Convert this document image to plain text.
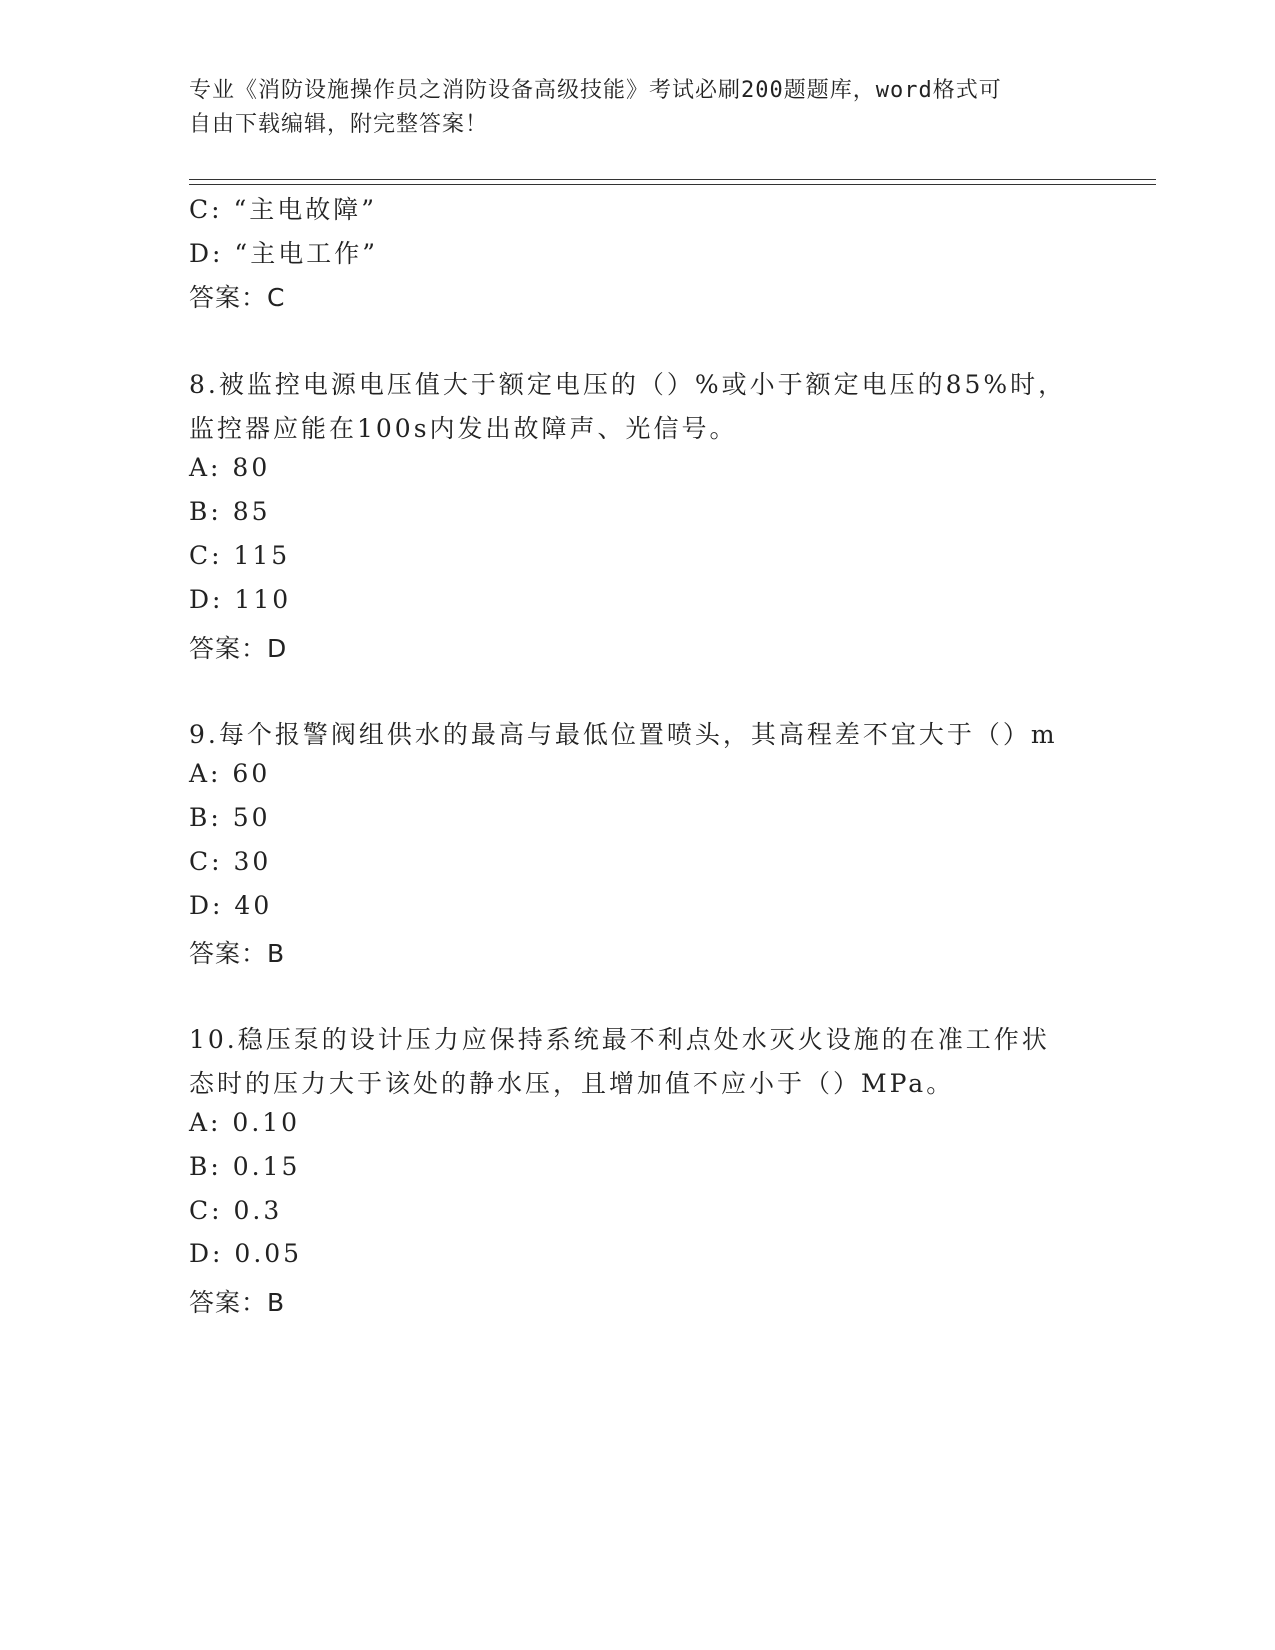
专业《消防设施操作员之消防设备高级技能》考试必刷200题题库，word格式可
自由下载编辑，附完整答案！
C: “主电故障”
D: “主电工作”
答案：C
8.被监控电源电压值大于额定电压的（）%或小于额定电压的85%时，
监控器应能在100s内发出故障声、光信号。
A: 80
B: 85
C: 115
D: 110
答案：D
9.每个报警阀组供水的最高与最低位置喷头，其高程差不宜大于（）m
A: 60
B: 50
C: 30
D: 40
答案：B
10.稳压泵的设计压力应保持系统最不利点处水灭火设施的在准工作状
态时的压力大于该处的静水压，且增加值不应小于（）MPa。
A: 0.10
B: 0.15
C: 0.3
D: 0.05
答案：B
